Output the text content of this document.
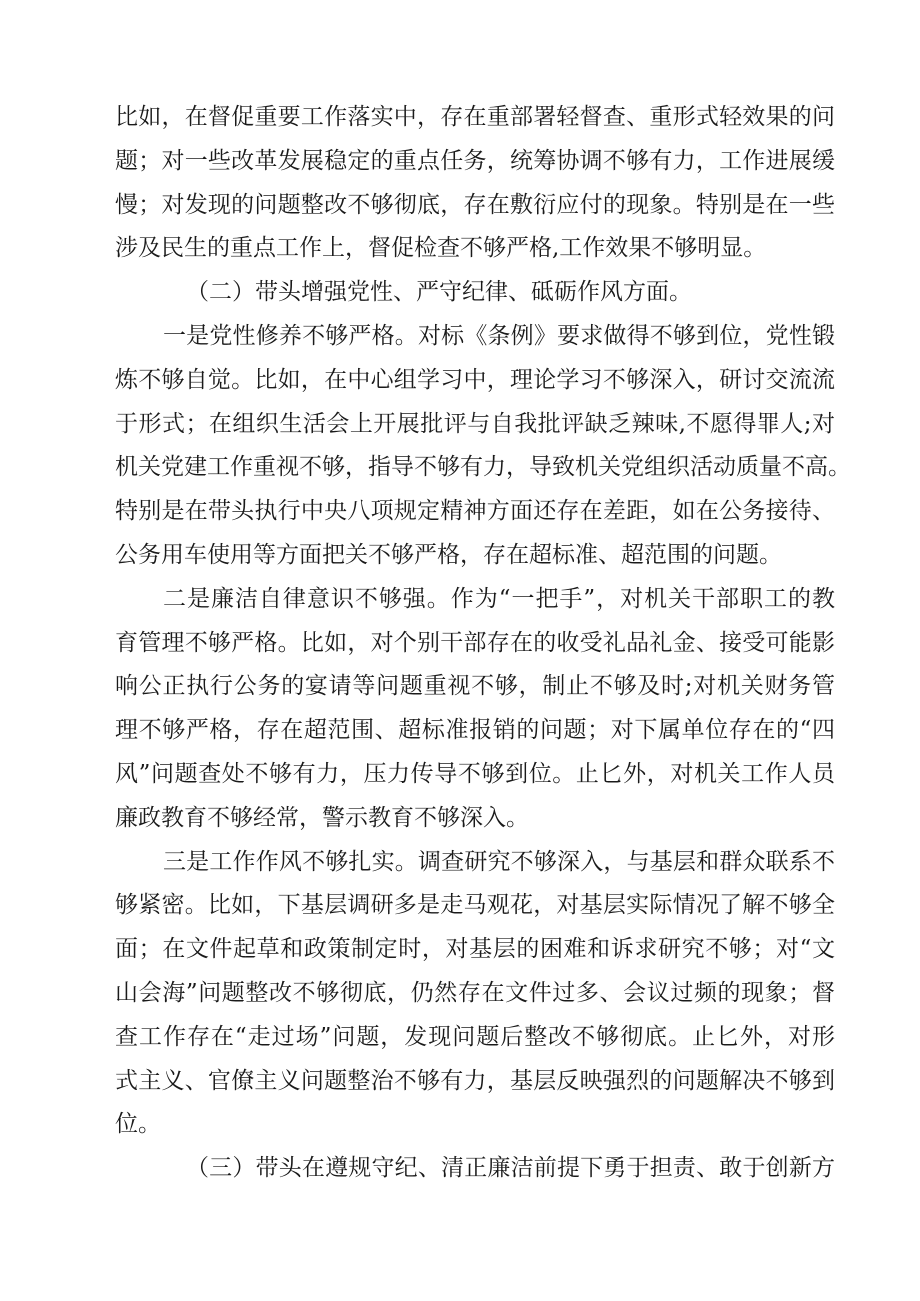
比如，在督促重要工作落实中，存在重部署轻督查、重形式轻效果的问
题；对一些改革发展稳定的重点任务，统筹协调不够有力，工作进展缓
慢；对发现的问题整改不够彻底，存在敷衍应付的现象。特别是在一些
涉及民生的重点工作上，督促检查不够严格,工作效果不够明显。
（二）带头增强党性、严守纪律、砥砺作风方面。
一是党性修养不够严格。对标《条例》要求做得不够到位，党性锻
炼不够自觉。比如，在中心组学习中，理论学习不够深入，研讨交流流
于形式；在组织生活会上开展批评与自我批评缺乏辣味,不愿得罪人;对
机关党建工作重视不够，指导不够有力，导致机关党组织活动质量不高。
特别是在带头执行中央八项规定精神方面还存在差距，如在公务接待、
公务用车使用等方面把关不够严格，存在超标准、超范围的问题。
二是廉洁自律意识不够强。作为“一把手”，对机关干部职工的教
育管理不够严格。比如，对个别干部存在的收受礼品礼金、接受可能影
响公正执行公务的宴请等问题重视不够，制止不够及时;对机关财务管
理不够严格，存在超范围、超标准报销的问题；对下属单位存在的“四
风”问题查处不够有力，压力传导不够到位。止匕外，对机关工作人员
廉政教育不够经常，警示教育不够深入。
三是工作作风不够扎实。调查研究不够深入，与基层和群众联系不
够紧密。比如，下基层调研多是走马观花，对基层实际情况了解不够全
面；在文件起草和政策制定时，对基层的困难和诉求研究不够；对“文
山会海”问题整改不够彻底，仍然存在文件过多、会议过频的现象；督
查工作存在“走过场”问题，发现问题后整改不够彻底。止匕外，对形
式主义、官僚主义问题整治不够有力，基层反映强烈的问题解决不够到
位。
（三）带头在遵规守纪、清正廉洁前提下勇于担责、敢于创新方
